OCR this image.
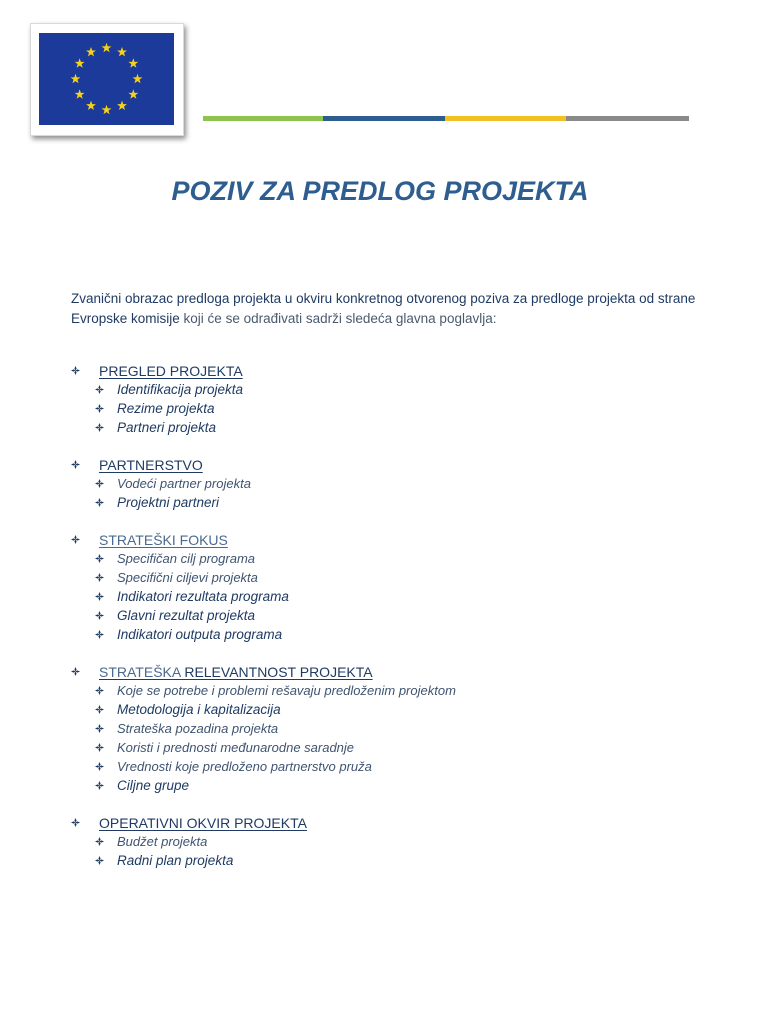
POZIV ZA PREDLOG PROJEKTA

Zvanični obrazac predloga projekta u okviru konkretnog otvorenog poziva za predloge projekta od strane Evropske komisije koji će se odrađivati sadrži sledeća glavna poglavlja:

PREGLED PROJEKTA
Identifikacija projekta
Rezime projekta
Partneri projekta
PARTNERSTVO
Vodeći partner projekta
Projektni partneri
STRATEŠKI FOKUS
Specifičan cilj programa
Specifični ciljevi projekta
Indikatori rezultata programa
Glavni rezultat projekta
Indikatori outputa programa
STRATEŠKA RELEVANTNOST PROJEKTA
Koje se potrebe i problemi rešavaju predloženim projektom
Metodologija i kapitalizacija
Strateška pozadina projekta
Koristi i prednosti međunarodne saradnje
Vrednosti koje predloženo partnerstvo pruža
Ciljne grupe
OPERATIVNI OKVIR PROJEKTA
Budžet projekta
Radni plan projekta
